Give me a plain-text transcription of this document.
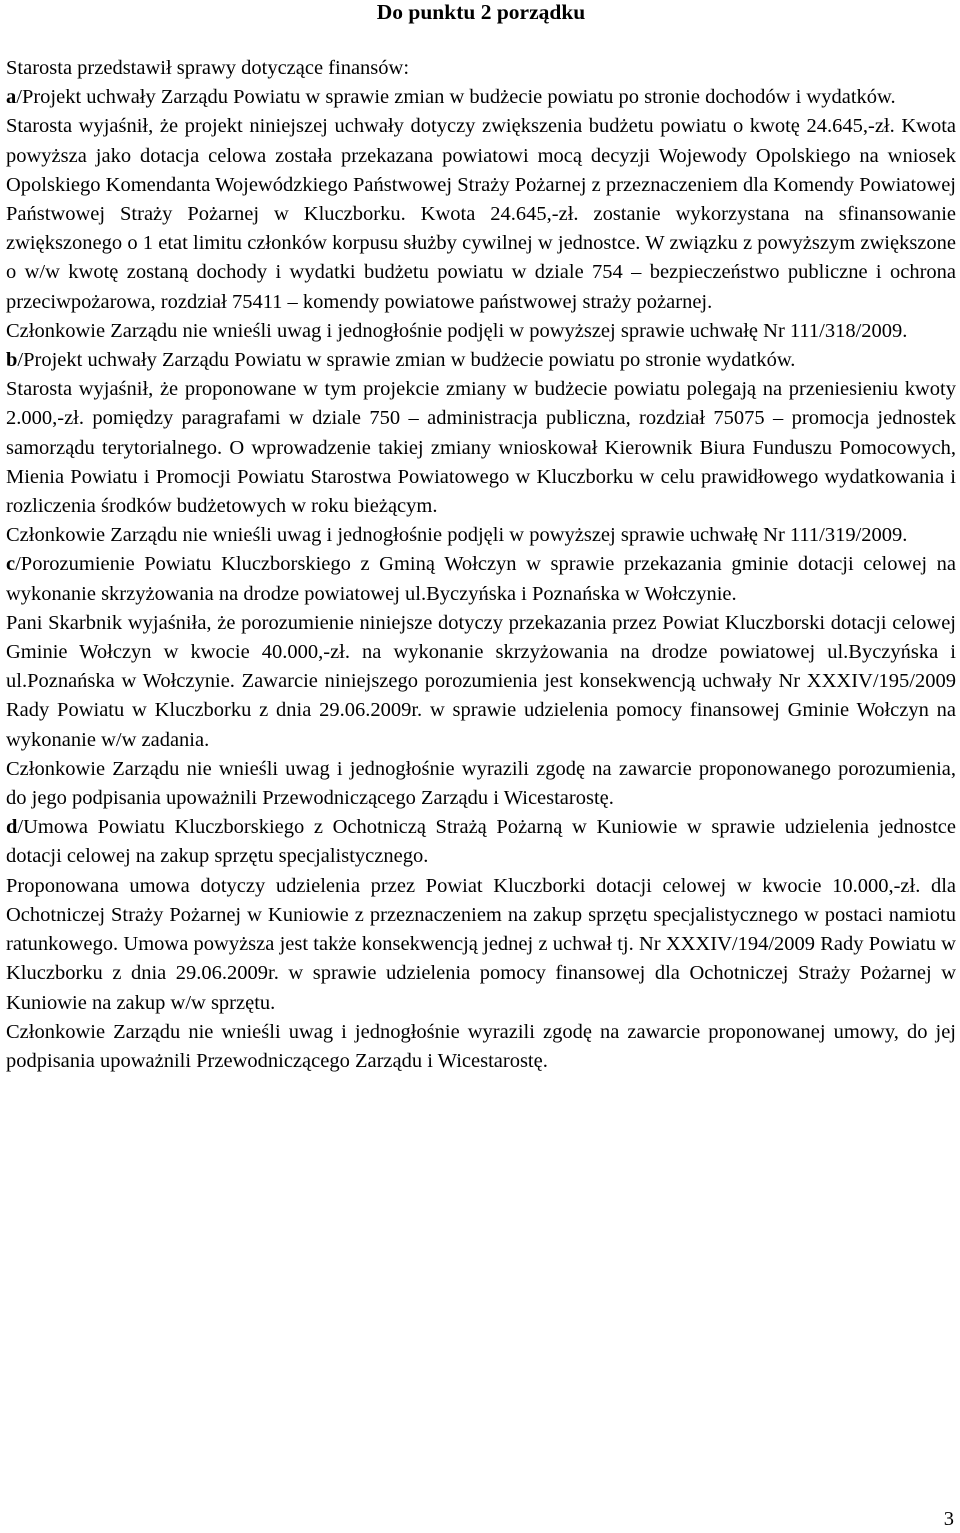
Do punktu 2 porządku

Starosta przedstawił sprawy dotyczące finansów:

a/Projekt uchwały Zarządu Powiatu w sprawie zmian w budżecie powiatu po stronie dochodów i wydatków.

Starosta wyjaśnił, że projekt niniejszej uchwały dotyczy zwiększenia budżetu powiatu o kwotę 24.645,-zł. Kwota powyższa jako dotacja celowa została przekazana powiatowi mocą decyzji Wojewody Opolskiego na wniosek Opolskiego Komendanta Wojewódzkiego Państwowej Straży Pożarnej z przeznaczeniem dla Komendy Powiatowej Państwowej Straży Pożarnej w Kluczborku. Kwota 24.645,-zł. zostanie wykorzystana na sfinansowanie zwiększonego o 1 etat limitu członków korpusu służby cywilnej w jednostce. W związku z powyższym zwiększone o w/w kwotę zostaną dochody i wydatki budżetu powiatu w dziale 754 – bezpieczeństwo publiczne i ochrona przeciwpożarowa, rozdział 75411 – komendy powiatowe państwowej straży pożarnej.

Członkowie Zarządu nie wnieśli uwag i jednogłośnie podjęli w powyższej sprawie uchwałę Nr 111/318/2009.

b/Projekt uchwały Zarządu Powiatu w sprawie zmian w budżecie powiatu po stronie wydatków.

Starosta wyjaśnił, że proponowane w tym projekcie zmiany w budżecie powiatu polegają na przeniesieniu kwoty 2.000,-zł. pomiędzy paragrafami w dziale 750 – administracja publiczna, rozdział 75075 – promocja jednostek samorządu terytorialnego. O wprowadzenie takiej zmiany wnioskował Kierownik Biura Funduszu Pomocowych, Mienia Powiatu i Promocji Powiatu Starostwa Powiatowego w Kluczborku w celu prawidłowego wydatkowania i rozliczenia środków budżetowych w roku bieżącym.

Członkowie Zarządu nie wnieśli uwag i jednogłośnie podjęli w powyższej sprawie uchwałę Nr 111/319/2009.

c/Porozumienie Powiatu Kluczborskiego z Gminą Wołczyn w sprawie przekazania gminie dotacji celowej na wykonanie skrzyżowania na drodze powiatowej ul.Byczyńska i Poznańska w Wołczynie.

Pani Skarbnik wyjaśniła, że porozumienie niniejsze dotyczy przekazania przez Powiat Kluczborski dotacji celowej Gminie Wołczyn w kwocie 40.000,-zł. na wykonanie skrzyżowania na drodze powiatowej ul.Byczyńska i ul.Poznańska w Wołczynie. Zawarcie niniejszego porozumienia jest konsekwencją uchwały Nr XXXIV/195/2009 Rady Powiatu w Kluczborku z dnia 29.06.2009r. w sprawie udzielenia pomocy finansowej Gminie Wołczyn na wykonanie w/w zadania.

Członkowie Zarządu nie wnieśli uwag i jednogłośnie wyrazili zgodę na zawarcie proponowanego porozumienia, do jego podpisania upoważnili Przewodniczącego Zarządu i Wicestarostę.

d/Umowa Powiatu Kluczborskiego z Ochotniczą Strażą Pożarną w Kuniowie w sprawie udzielenia jednostce dotacji celowej na zakup sprzętu specjalistycznego.

Proponowana umowa dotyczy udzielenia przez Powiat Kluczborki dotacji celowej w kwocie 10.000,-zł. dla Ochotniczej Straży Pożarnej w Kuniowie z przeznaczeniem na zakup sprzętu specjalistycznego w postaci namiotu ratunkowego. Umowa powyższa jest także konsekwencją jednej z uchwał tj. Nr XXXIV/194/2009 Rady Powiatu w Kluczborku z dnia 29.06.2009r. w sprawie udzielenia pomocy finansowej dla Ochotniczej Straży Pożarnej w Kuniowie na zakup w/w sprzętu.

Członkowie Zarządu nie wnieśli uwag i jednogłośnie wyrazili zgodę na zawarcie proponowanej umowy, do jej podpisania upoważnili Przewodniczącego Zarządu i Wicestarostę.

3
